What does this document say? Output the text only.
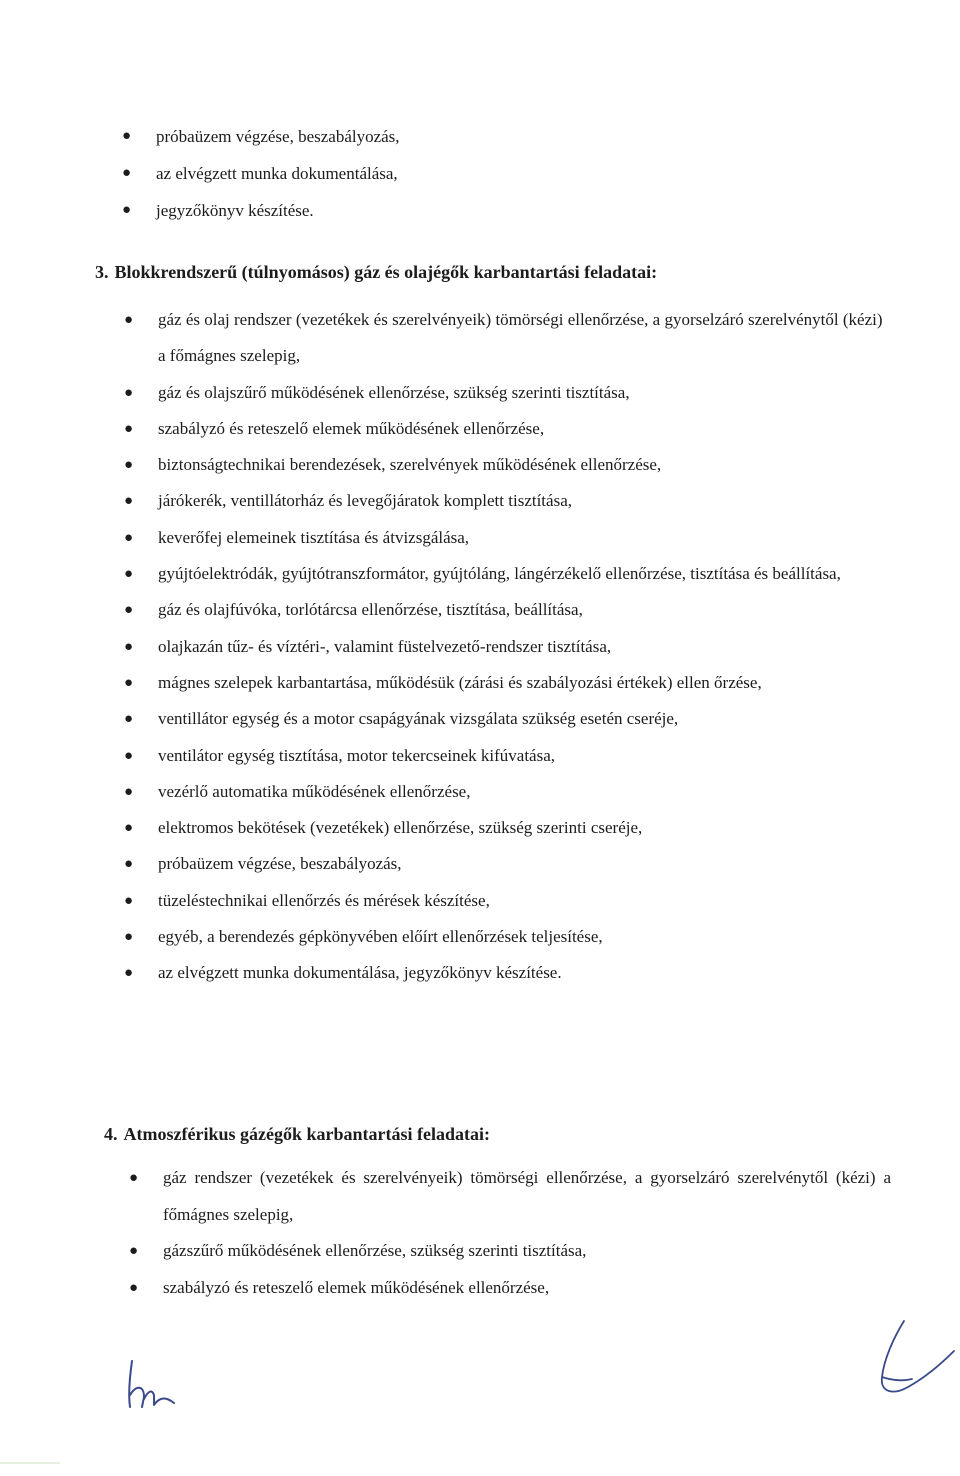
● próbaüzem végzése, beszabályozás,
● az elvégzett munka dokumentálása,
● jegyzőkönyv készítése.
3. Blokkrendszerű (túlnyomásos) gáz és olajégők karbantartási feladatai:
● gáz és olaj rendszer (vezetékek és szerelvényeik) tömörségi ellenőrzése, a gyorselzáró szerelvénytől (kézi) a főmágnes szelepig,
● gáz és olajszűrő működésének ellenőrzése, szükség szerinti tisztítása,
● szabályzó és reteszelő elemek működésének ellenőrzése,
● biztonságtechnikai berendezések, szerelvények működésének ellenőrzése,
● járókerék, ventillátorház és levegőjáratok komplett tisztítása,
● keverőfej elemeinek tisztítása és átvizsgálása,
● gyújtóelektródák, gyújtótranszformátor, gyújtóláng, lángérzékelő ellenőrzése, tisztítása és beállítása,
● gáz és olajfúvóka, torlótárcsa ellenőrzése, tisztítása, beállítása,
● olajkazán tűz- és víztéri-, valamint füstelvezető-rendszer tisztítása,
● mágnes szelepek karbantartása, működésük (zárási és szabályozási értékek) ellen őrzése,
● ventillátor egység és a motor csapágyának vizsgálata szükség esetén cseréje,
● ventilátor egység tisztítása, motor tekercseinek kifúvatása,
● vezérlő automatika működésének ellenőrzése,
● elektromos bekötések (vezetékek) ellenőrzése, szükség szerinti cseréje,
● próbaüzem végzése, beszabályozás,
● tüzeléstechnikai ellenőrzés és mérések készítése,
● egyéb, a berendezés gépkönyvében előírt ellenőrzések teljesítése,
● az elvégzett munka dokumentálása, jegyzőkönyv készítése.
4. Atmoszférikus gázégők karbantartási feladatai:
● gáz rendszer (vezetékek és szerelvényeik) tömörségi ellenőrzése, a gyorselzáró szerelvénytől (kézi) a főmágnes szelepig,
● gázszűrő működésének ellenőrzése, szükség szerinti tisztítása,
● szabályzó és reteszelő elemek működésének ellenőrzése,
